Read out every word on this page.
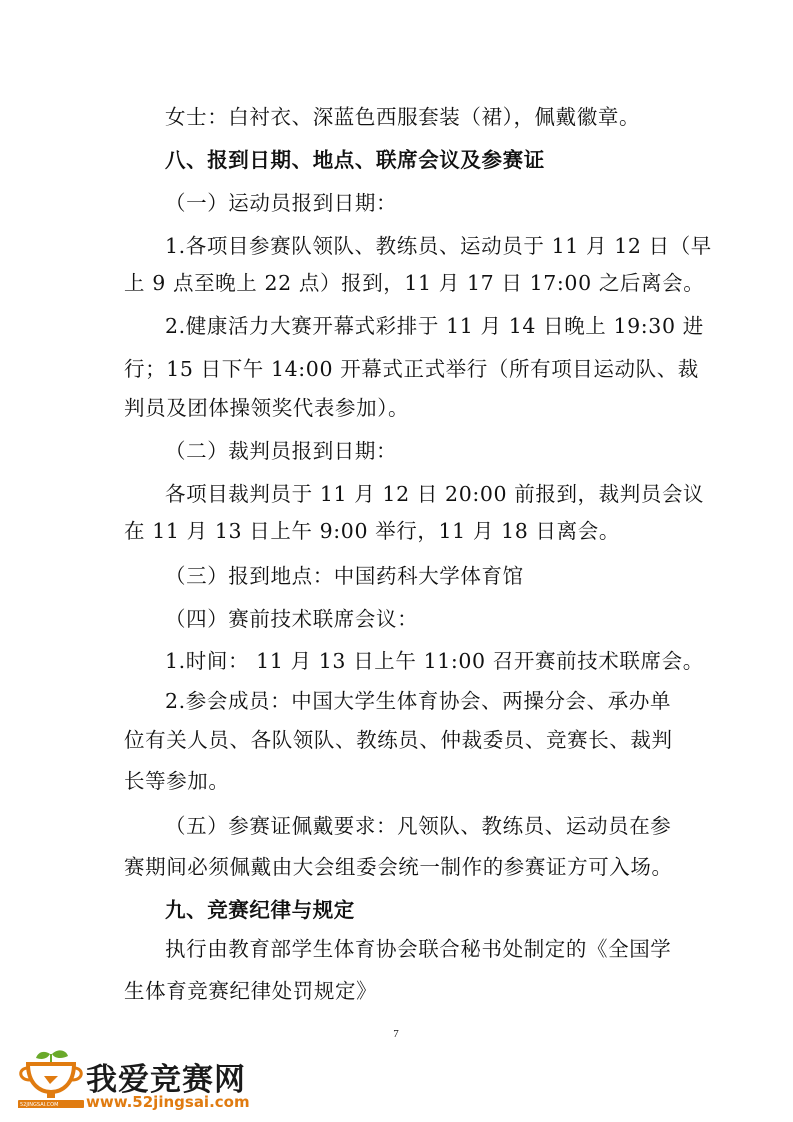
女士：白衬衣、深蓝色西服套装（裙），佩戴徽章。
八、报到日期、地点、联席会议及参赛证
（一）运动员报到日期：
1.各项目参赛队领队、教练员、运动员于 11 月 12 日（早
上 9 点至晚上 22 点）报到，11 月 17 日 17:00 之后离会。
2.健康活力大赛开幕式彩排于 11 月 14 日晚上 19:30 进
行；15 日下午 14:00 开幕式正式举行（所有项目运动队、裁
判员及团体操领奖代表参加）。
（二）裁判员报到日期：
各项目裁判员于 11 月 12 日 20:00 前报到，裁判员会议
在 11 月 13 日上午 9:00 举行，11 月 18 日离会。
（三）报到地点：中国药科大学体育馆
（四）赛前技术联席会议：
1.时间： 11 月 13 日上午 11:00 召开赛前技术联席会。
2.参会成员：中国大学生体育协会、两操分会、承办单
位有关人员、各队领队、教练员、仲裁委员、竞赛长、裁判
长等参加。
（五）参赛证佩戴要求：凡领队、教练员、运动员在参
赛期间必须佩戴由大会组委会统一制作的参赛证方可入场。
九、竞赛纪律与规定
执行由教育部学生体育协会联合秘书处制定的《全国学
生体育竞赛纪律处罚规定》
7
52JINGSAI.COM
我爱竞赛网
www.52jingsai.com
